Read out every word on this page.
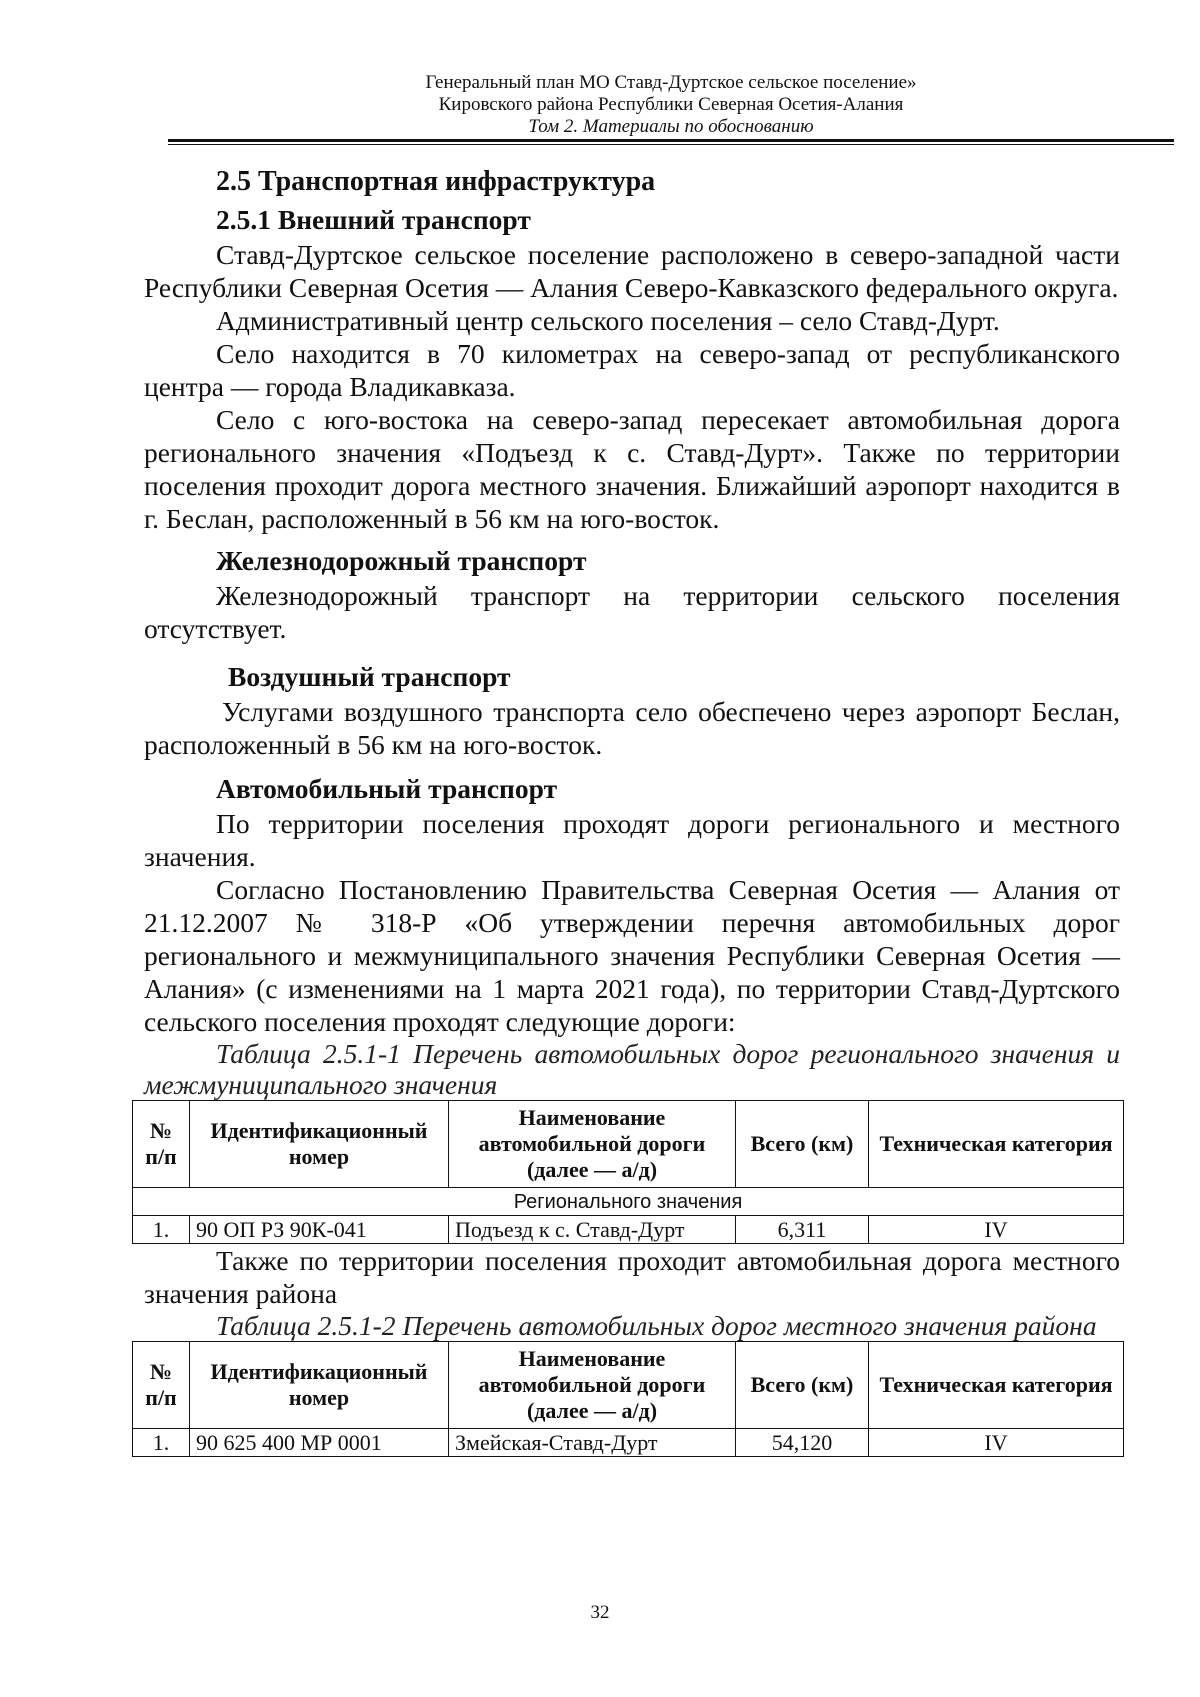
Генеральный план МО Ставд-Дуртское сельское поселение»
Кировского района Республики Северная Осетия-Алания
Том 2. Материалы по обоснованию

2.5 Транспортная инфраструктура

2.5.1 Внешний транспорт

Ставд-Дуртское сельское поселение расположено в северо-западной части Республики Северная Осетия — Алания Северо-Кавказского федерального округа.

Административный центр сельского поселения – село Ставд-Дурт.

Село находится в 70 километрах на северо-запад от республиканского центра — города Владикавказа.

Село с юго-востока на северо-запад пересекает автомобильная дорога регионального значения «Подъезд к с. Ставд-Дурт». Также по территории поселения проходит дорога местного значения. Ближайший аэропорт находится в г. Беслан, расположенный в 56 км на юго-восток.

Железнодорожный транспорт

Железнодорожный транспорт на территории сельского поселения отсутствует.

Воздушный транспорт

Услугами воздушного транспорта село обеспечено через аэропорт Беслан, расположенный в 56 км на юго-восток.

Автомобильный транспорт

По территории поселения проходят дороги регионального и местного значения.

Согласно Постановлению Правительства Северная Осетия — Алания от 21.12.2007 № 318-Р «Об утверждении перечня автомобильных дорог регионального и межмуниципального значения Республики Северная Осетия — Алания» (с изменениями на 1 марта 2021 года), по территории Ставд-Дуртского сельского поселения проходят следующие дороги:

Таблица 2.5.1-1 Перечень автомобильных дорог регионального значения и межмуниципального значения

№ п/п	Идентификационный номер	Наименование автомобильной дороги (далее — а/д)	Всего (км)	Техническая категория
Регионального значения				
1.	90 ОП РЗ 90К-041	Подъезд к с. Ставд-Дурт	6,311	IV

Также по территории поселения проходит автомобильная дорога местного значения района

Таблица 2.5.1-2 Перечень автомобильных дорог местного значения района

№ п/п	Идентификационный номер	Наименование автомобильной дороги (далее — а/д)	Всего (км)	Техническая категория
1.	90 625 400 МР 0001	Змейская-Ставд-Дурт	54,120	IV
32
